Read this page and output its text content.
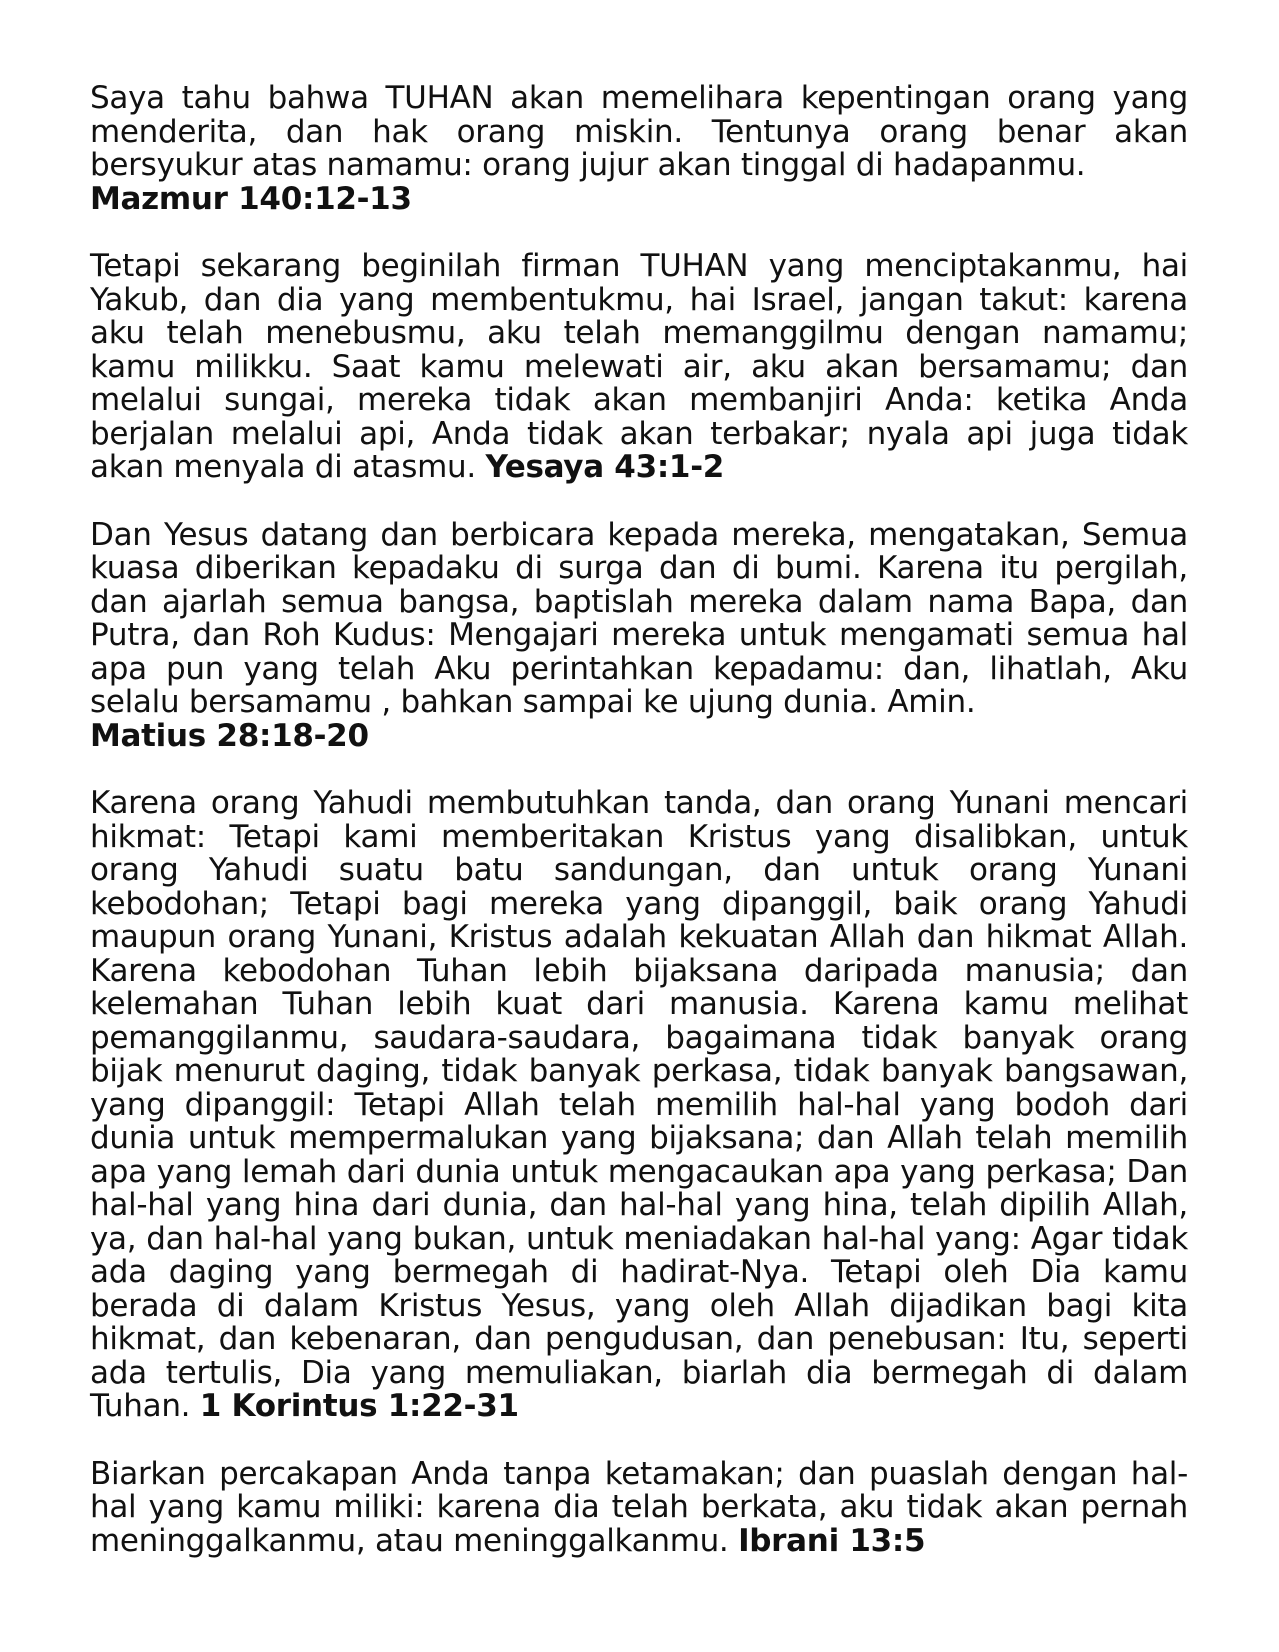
Saya tahu bahwa TUHAN akan memelihara kepentingan orang yang menderita, dan hak orang miskin. Tentunya orang benar akan bersyukur atas namamu: orang jujur akan tinggal di hadapanmu.
Mazmur 140:12-13

Tetapi sekarang beginilah firman TUHAN yang menciptakanmu, hai Yakub, dan dia yang membentukmu, hai Israel, jangan takut: karena aku telah menebusmu, aku telah memanggilmu dengan namamu; kamu milikku. Saat kamu melewati air, aku akan bersamamu; dan melalui sungai, mereka tidak akan membanjiri Anda: ketika Anda berjalan melalui api, Anda tidak akan terbakar; nyala api juga tidak akan menyala di atasmu. Yesaya 43:1-2

Dan Yesus datang dan berbicara kepada mereka, mengatakan, Semua kuasa diberikan kepadaku di surga dan di bumi. Karena itu pergilah, dan ajarlah semua bangsa, baptislah mereka dalam nama Bapa, dan Putra, dan Roh Kudus: Mengajari mereka untuk mengamati semua hal apa pun yang telah Aku perintahkan kepadamu: dan, lihatlah, Aku selalu bersamamu , bahkan sampai ke ujung dunia. Amin.
Matius 28:18-20

Karena orang Yahudi membutuhkan tanda, dan orang Yunani mencari hikmat: Tetapi kami memberitakan Kristus yang disalibkan, untuk orang Yahudi suatu batu sandungan, dan untuk orang Yunani kebodohan; Tetapi bagi mereka yang dipanggil, baik orang Yahudi maupun orang Yunani, Kristus adalah kekuatan Allah dan hikmat Allah. Karena kebodohan Tuhan lebih bijaksana daripada manusia; dan kelemahan Tuhan lebih kuat dari manusia. Karena kamu melihat pemanggilanmu, saudara-saudara, bagaimana tidak banyak orang bijak menurut daging, tidak banyak perkasa, tidak banyak bangsawan, yang dipanggil: Tetapi Allah telah memilih hal-hal yang bodoh dari dunia untuk mempermalukan yang bijaksana; dan Allah telah memilih apa yang lemah dari dunia untuk mengacaukan apa yang perkasa; Dan hal-hal yang hina dari dunia, dan hal-hal yang hina, telah dipilih Allah, ya, dan hal-hal yang bukan, untuk meniadakan hal-hal yang: Agar tidak ada daging yang bermegah di hadirat-Nya. Tetapi oleh Dia kamu berada di dalam Kristus Yesus, yang oleh Allah dijadikan bagi kita hikmat, dan kebenaran, dan pengudusan, dan penebusan: Itu, seperti ada tertulis, Dia yang memuliakan, biarlah dia bermegah di dalam Tuhan. 1 Korintus 1:22-31

Biarkan percakapan Anda tanpa ketamakan; dan puaslah dengan hal-hal yang kamu miliki: karena dia telah berkata, aku tidak akan pernah meninggalkanmu, atau meninggalkanmu. Ibrani 13:5
